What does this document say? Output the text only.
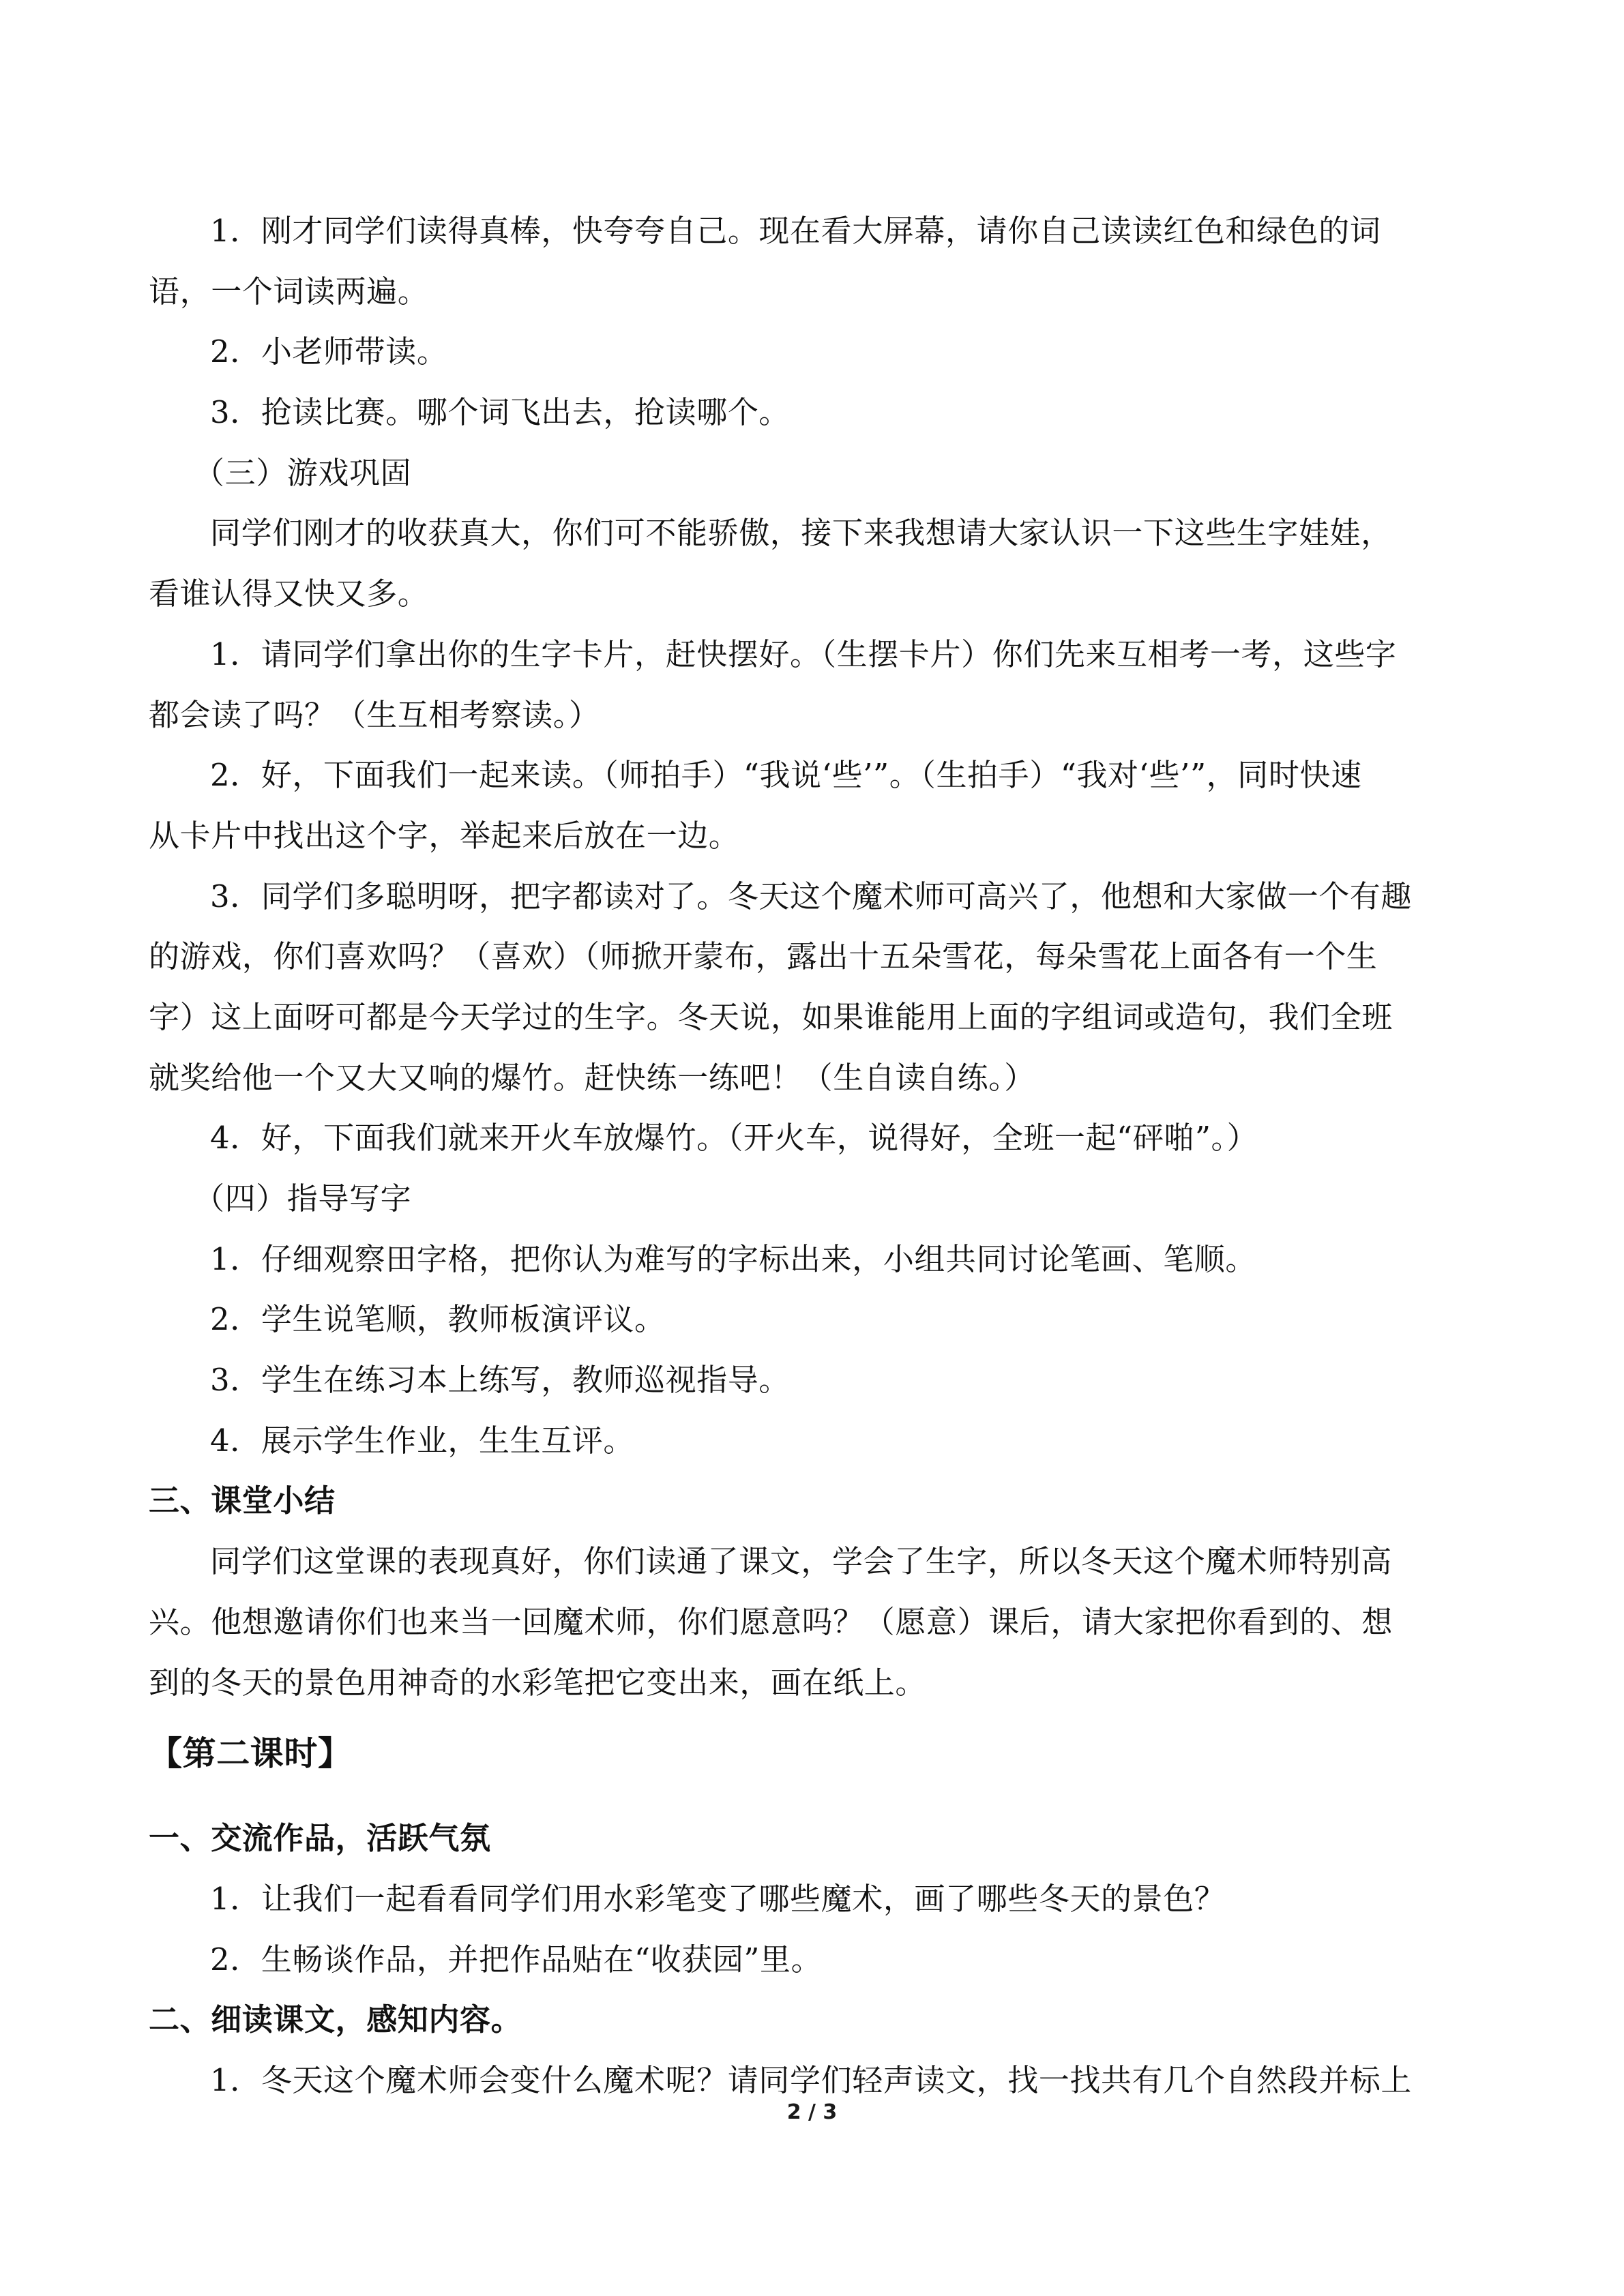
1．刚才同学们读得真棒，快夸夸自己。现在看大屏幕，请你自己读读红色和绿色的词
语，一个词读两遍。
2．小老师带读。
3．抢读比赛。哪个词飞出去，抢读哪个。
（三）游戏巩固
同学们刚才的收获真大，你们可不能骄傲，接下来我想请大家认识一下这些生字娃娃，
看谁认得又快又多。
1．请同学们拿出你的生字卡片，赶快摆好。（生摆卡片）你们先来互相考一考，这些字
都会读了吗？（生互相考察读。）
2．好，下面我们一起来读。（师拍手）“我说‘些’”。（生拍手）“我对‘些’”，同时快速
从卡片中找出这个字，举起来后放在一边。
3．同学们多聪明呀，把字都读对了。冬天这个魔术师可高兴了，他想和大家做一个有趣
的游戏，你们喜欢吗？（喜欢）（师掀开蒙布，露出十五朵雪花，每朵雪花上面各有一个生
字）这上面呀可都是今天学过的生字。冬天说，如果谁能用上面的字组词或造句，我们全班
就奖给他一个又大又响的爆竹。赶快练一练吧！（生自读自练。）
4．好，下面我们就来开火车放爆竹。（开火车，说得好，全班一起“砰啪”。）
（四）指导写字
1．仔细观察田字格，把你认为难写的字标出来，小组共同讨论笔画、笔顺。
2．学生说笔顺，教师板演评议。
3．学生在练习本上练写，教师巡视指导。
4．展示学生作业，生生互评。
三、课堂小结
同学们这堂课的表现真好，你们读通了课文，学会了生字，所以冬天这个魔术师特别高
兴。他想邀请你们也来当一回魔术师，你们愿意吗？（愿意）课后，请大家把你看到的、想
到的冬天的景色用神奇的水彩笔把它变出来，画在纸上。
【第二课时】
一、交流作品，活跃气氛
1．让我们一起看看同学们用水彩笔变了哪些魔术，画了哪些冬天的景色？
2．生畅谈作品，并把作品贴在“收获园”里。
二、细读课文，感知内容。
1．冬天这个魔术师会变什么魔术呢？请同学们轻声读文，找一找共有几个自然段并标上
2 / 3
